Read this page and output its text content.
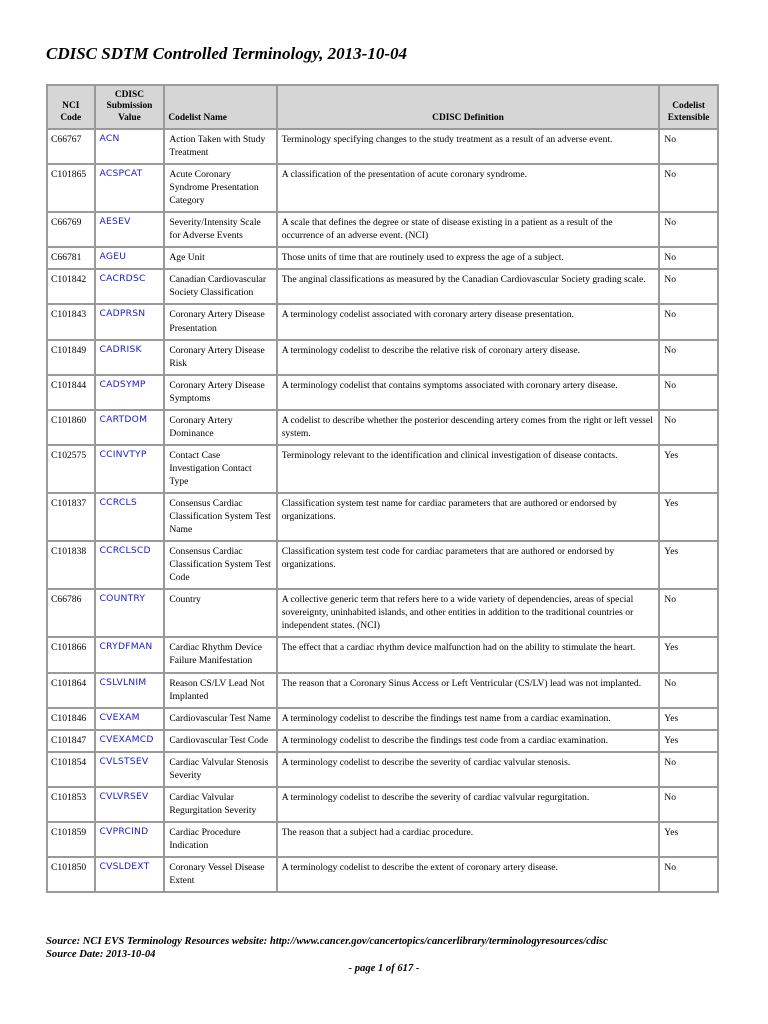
CDISC SDTM Controlled Terminology, 2013-10-04
NCI Code	CDISC Submission Value	Codelist Name	CDISC Definition	Codelist Extensible
C66767	ACN	Action Taken with Study Treatment	Terminology specifying changes to the study treatment as a result of an adverse event.	No
C101865	ACSPCAT	Acute Coronary Syndrome Presentation Category	A classification of the presentation of acute coronary syndrome.	No
C66769	AESEV	Severity/Intensity Scale for Adverse Events	A scale that defines the degree or state of disease existing in a patient as a result of the occurrence of an adverse event. (NCI)	No
C66781	AGEU	Age Unit	Those units of time that are routinely used to express the age of a subject.	No
C101842	CACRDSC	Canadian Cardiovascular Society Classification	The anginal classifications as measured by the Canadian Cardiovascular Society grading scale.	No
C101843	CADPRSN	Coronary Artery Disease Presentation	A terminology codelist associated with coronary artery disease presentation.	No
C101849	CADRISK	Coronary Artery Disease Risk	A terminology codelist to describe the relative risk of coronary artery disease.	No
C101844	CADSYMP	Coronary Artery Disease Symptoms	A terminology codelist that contains symptoms associated with coronary artery disease.	No
C101860	CARTDOM	Coronary Artery Dominance	A codelist to describe whether the posterior descending artery comes from the right or left vessel system.	No
C102575	CCINVTYP	Contact Case Investigation Contact Type	Terminology relevant to the identification and clinical investigation of disease contacts.	Yes
C101837	CCRCLS	Consensus Cardiac Classification System Test Name	Classification system test name for cardiac parameters that are authored or endorsed by organizations.	Yes
C101838	CCRCLSCD	Consensus Cardiac Classification System Test Code	Classification system test code for cardiac parameters that are authored or endorsed by organizations.	Yes
C66786	COUNTRY	Country	A collective generic term that refers here to a wide variety of dependencies, areas of special sovereignty, uninhabited islands, and other entities in addition to the traditional countries or independent states. (NCI)	No
C101866	CRYDFMAN	Cardiac Rhythm Device Failure Manifestation	The effect that a cardiac rhythm device malfunction had on the ability to stimulate the heart.	Yes
C101864	CSLVLNIM	Reason CS/LV Lead Not Implanted	The reason that a Coronary Sinus Access or Left Ventricular (CS/LV) lead was not implanted.	No
C101846	CVEXAM	Cardiovascular Test Name	A terminology codelist to describe the findings test name from a cardiac examination.	Yes
C101847	CVEXAMCD	Cardiovascular Test Code	A terminology codelist to describe the findings test code from a cardiac examination.	Yes
C101854	CVLSTSEV	Cardiac Valvular Stenosis Severity	A terminology codelist to describe the severity of cardiac valvular stenosis.	No
C101853	CVLVRSEV	Cardiac Valvular Regurgitation Severity	A terminology codelist to describe the severity of cardiac valvular regurgitation.	No
C101859	CVPRCIND	Cardiac Procedure Indication	The reason that a subject had a cardiac procedure.	Yes
C101850	CVSLDEXT	Coronary Vessel Disease Extent	A terminology codelist to describe the extent of coronary artery disease.	No
Source: NCI EVS Terminology Resources website: http://www.cancer.gov/cancertopics/cancerlibrary/terminologyresources/cdisc
Source Date: 2013-10-04
- page 1 of 617 -
